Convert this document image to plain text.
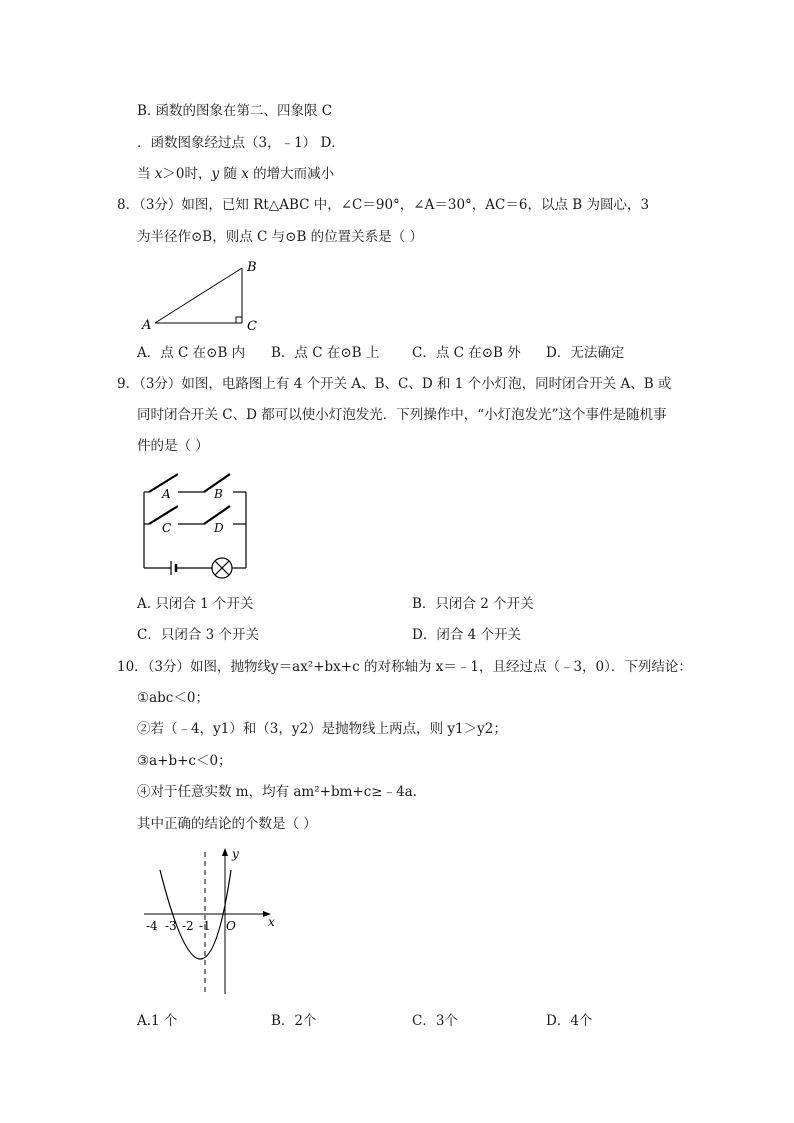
B. 函数的图象在第二、四象限 C
．函数图象经过点（3，﹣1） D．
当 x＞0时，y 随 x 的增大而减小
8．（3分）如图，已知 Rt△ABC 中，∠C＝90°，∠A＝30°，AC＝6，以点 B 为圆心，3
为半径作⊙B，则点 C 与⊙B 的位置关系是（ ）
A
B
C
A．点 C 在⊙B 内 B．点 C 在⊙B 上 C．点 C 在⊙B 外 D．无法确定
9．（3分）如图，电路图上有 4 个开关 A、B、C、D 和 1 个小灯泡，同时闭合开关 A、B 或
同时闭合开关 C、D 都可以使小灯泡发光．下列操作中，“小灯泡发光”这个事件是随机事
件的是（ ）
A	B
C	D
A. 只闭合 1 个开关	B．只闭合 2 个开关
C．只闭合 3 个开关	D．闭合 4 个开关
10．（3分）如图，抛物线y＝ax²+bx+c 的对称轴为 x＝﹣1，且经过点（﹣3，0）．下列结论：
①abc＜0；
②若（﹣4，y1）和（3，y2）是抛物线上两点，则 y1＞y2；
③a+b+c＜0；
④对于任意实数 m，均有 am²+bm+c≥﹣4a．
其中正确的结论的个数是（ ）
y
x
O
-4 -3 -2 -1
A.1 个	B．2个	C．3个	D．4个
